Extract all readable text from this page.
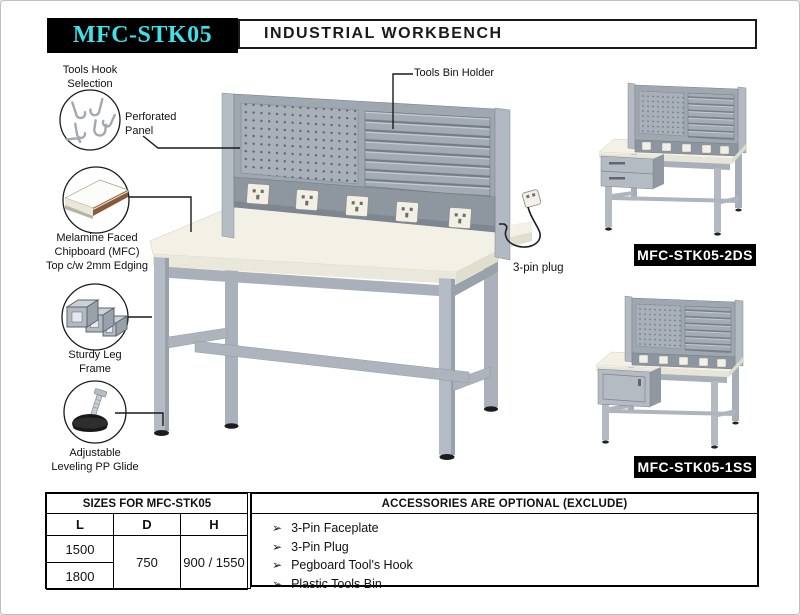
MFC-STK05	INDUSTRIAL WORKBENCH
Tools Hook
Selection
Perforated
Panel
Tools Bin Holder
Melamine Faced
Chipboard (MFC)
Top c/w 2mm Edging
Sturdy Leg
Frame
Adjustable
Leveling PP Glide
3-pin plug
MFC-STK05-2DS
MFC-STK05-1SS
SIZES FOR MFC-STK05		
L	D	H
1500	750	900 / 1550
1800		
ACCESSORIES ARE OPTIONAL (EXCLUDE)
➢ 3-Pin Faceplate
➢ 3-Pin Plug
➢ Pegboard Tool's Hook
➢ Plastic Tools Bin
